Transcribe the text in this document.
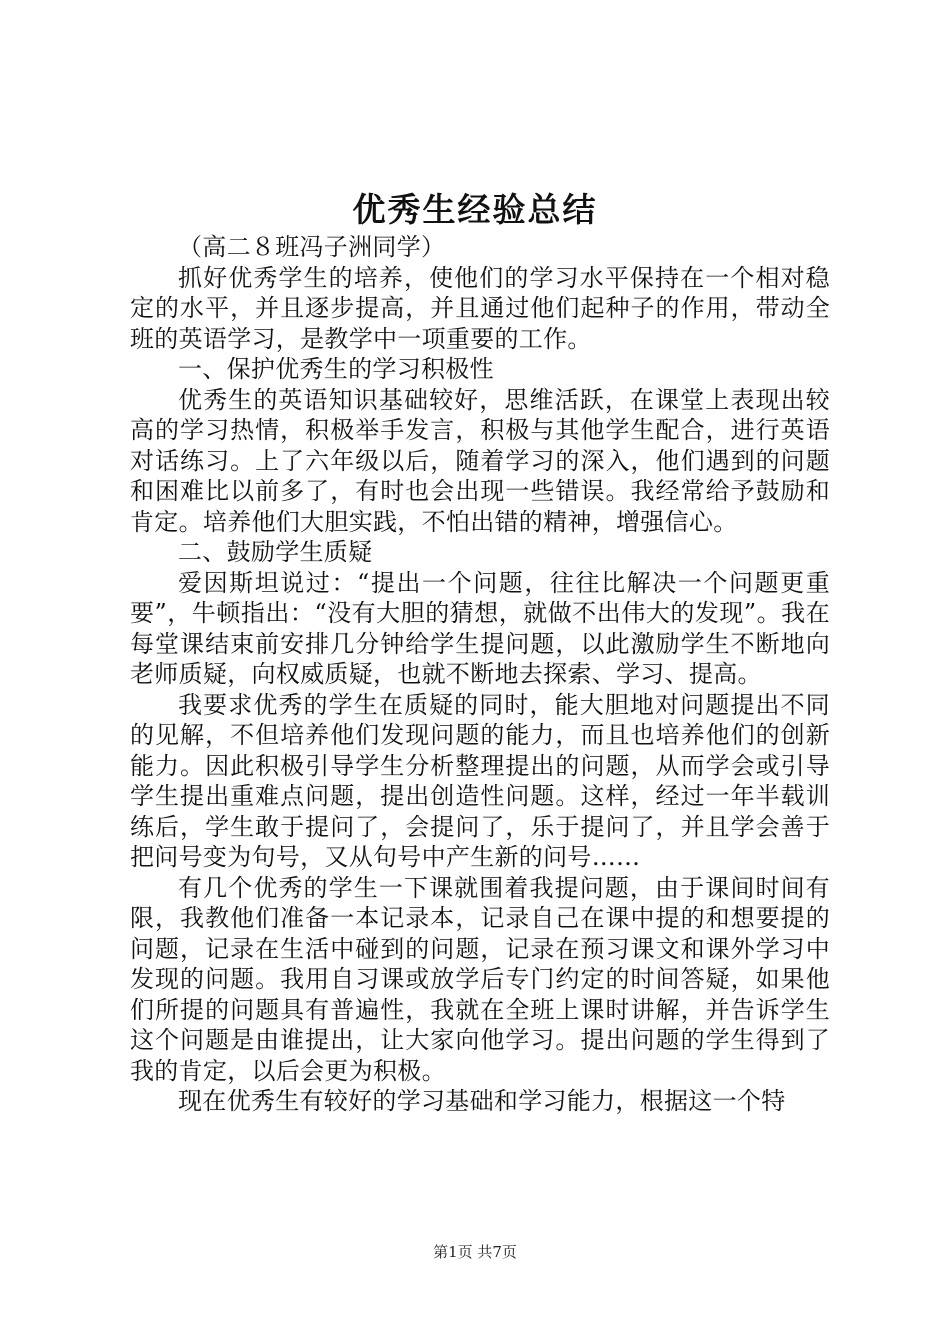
优秀生经验总结

（高二８班冯子洲同学）

抓好优秀学生的培养，使他们的学习水平保持在一个相对稳定的水平，并且逐步提高，并且通过他们起种子的作用，带动全班的英语学习，是教学中一项重要的工作。

一、保护优秀生的学习积极性

优秀生的英语知识基础较好，思维活跃，在课堂上表现出较高的学习热情，积极举手发言，积极与其他学生配合，进行英语对话练习。上了六年级以后，随着学习的深入，他们遇到的问题和困难比以前多了，有时也会出现一些错误。我经常给予鼓励和肯定。培养他们大胆实践，不怕出错的精神，增强信心。

二、鼓励学生质疑

爱因斯坦说过：“提出一个问题，往往比解决一个问题更重要”，牛顿指出：“没有大胆的猜想，就做不出伟大的发现”。我在每堂课结束前安排几分钟给学生提问题，以此激励学生不断地向老师质疑，向权威质疑，也就不断地去探索、学习、提高。

我要求优秀的学生在质疑的同时，能大胆地对问题提出不同的见解，不但培养他们发现问题的能力，而且也培养他们的创新能力。因此积极引导学生分析整理提出的问题，从而学会或引导学生提出重难点问题，提出创造性问题。这样，经过一年半载训练后，学生敢于提问了，会提问了，乐于提问了，并且学会善于把问号变为句号，又从句号中产生新的问号……

有几个优秀的学生一下课就围着我提问题，由于课间时间有限，我教他们准备一本记录本，记录自己在课中提的和想要提的问题，记录在生活中碰到的问题，记录在预习课文和课外学习中发现的问题。我用自习课或放学后专门约定的时间答疑，如果他们所提的问题具有普遍性，我就在全班上课时讲解，并告诉学生这个问题是由谁提出，让大家向他学习。提出问题的学生得到了我的肯定，以后会更为积极。

现在优秀生有较好的学习基础和学习能力，根据这一个特

第1页 共7页
